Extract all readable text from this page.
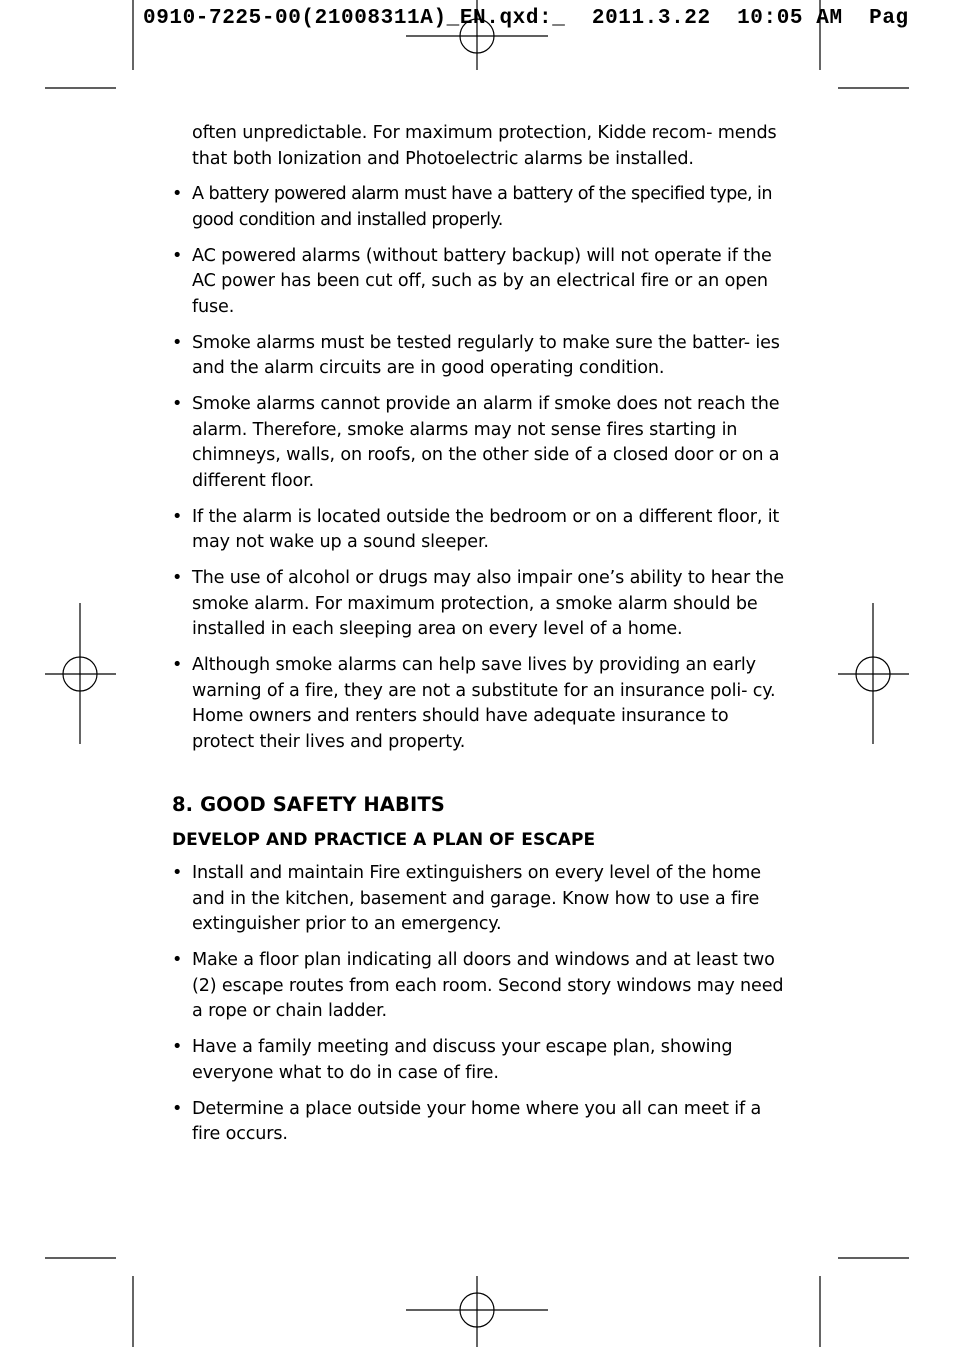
0910-7225-00(21008311A)_EN.qxd:_  2011.3.22  10:05 AM  Pag

often unpredictable. For maximum protection, Kidde recom- mends that both Ionization and Photoelectric alarms be installed.

• A battery powered alarm must have a battery of the specified type, in good condition and installed properly.
• AC powered alarms (without battery backup) will not operate if the AC power has been cut off, such as by an electrical fire or an open fuse.
• Smoke alarms must be tested regularly to make sure the batter- ies and the alarm circuits are in good operating condition.
• Smoke alarms cannot provide an alarm if smoke does not reach the alarm. Therefore, smoke alarms may not sense fires starting in chimneys, walls, on roofs, on the other side of a closed door or on a different floor.
• If the alarm is located outside the bedroom or on a different floor, it may not wake up a sound sleeper.
• The use of alcohol or drugs may also impair one’s ability to hear the smoke alarm. For maximum protection, a smoke alarm should be installed in each sleeping area on every level of a home.
• Although smoke alarms can help save lives by providing an early warning of a fire, they are not a substitute for an insurance poli- cy. Home owners and renters should have adequate insurance to protect their lives and property.
8. GOOD SAFETY HABITS
DEVELOP AND PRACTICE A PLAN OF ESCAPE
• Install and maintain Fire extinguishers on every level of the home and in the kitchen, basement and garage. Know how to use a fire extinguisher prior to an emergency.
• Make a floor plan indicating all doors and windows and at least two (2) escape routes from each room. Second story windows may need a rope or chain ladder.
• Have a family meeting and discuss your escape plan, showing everyone what to do in case of fire.
• Determine a place outside your home where you all can meet if a fire occurs.
